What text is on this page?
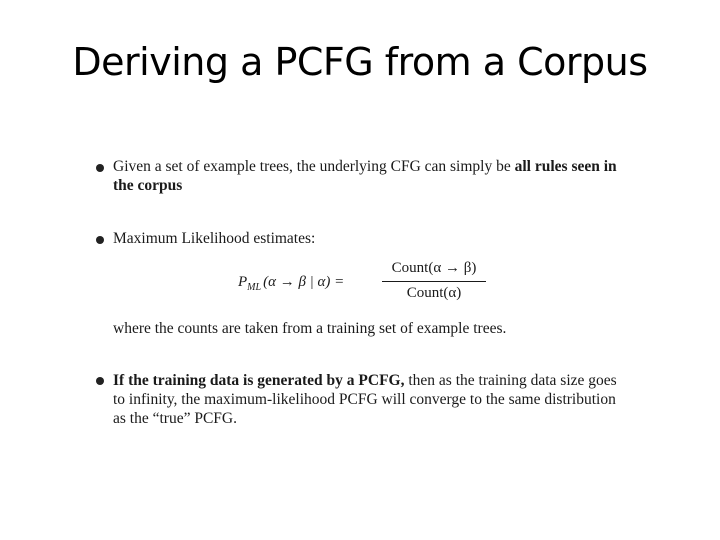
Deriving a PCFG from a Corpus
Given a set of example trees, the underlying CFG can simply be all rules seen in the corpus
Maximum Likelihood estimates:
$P_{ML}$ (α → β | α) =
Count(α → β)
Count(α)
where the counts are taken from a training set of example trees.
If the training data is generated by a PCFG, then as the training data size goes to infinity, the maximum-likelihood PCFG will converge to the same distribution as the “true” PCFG.
